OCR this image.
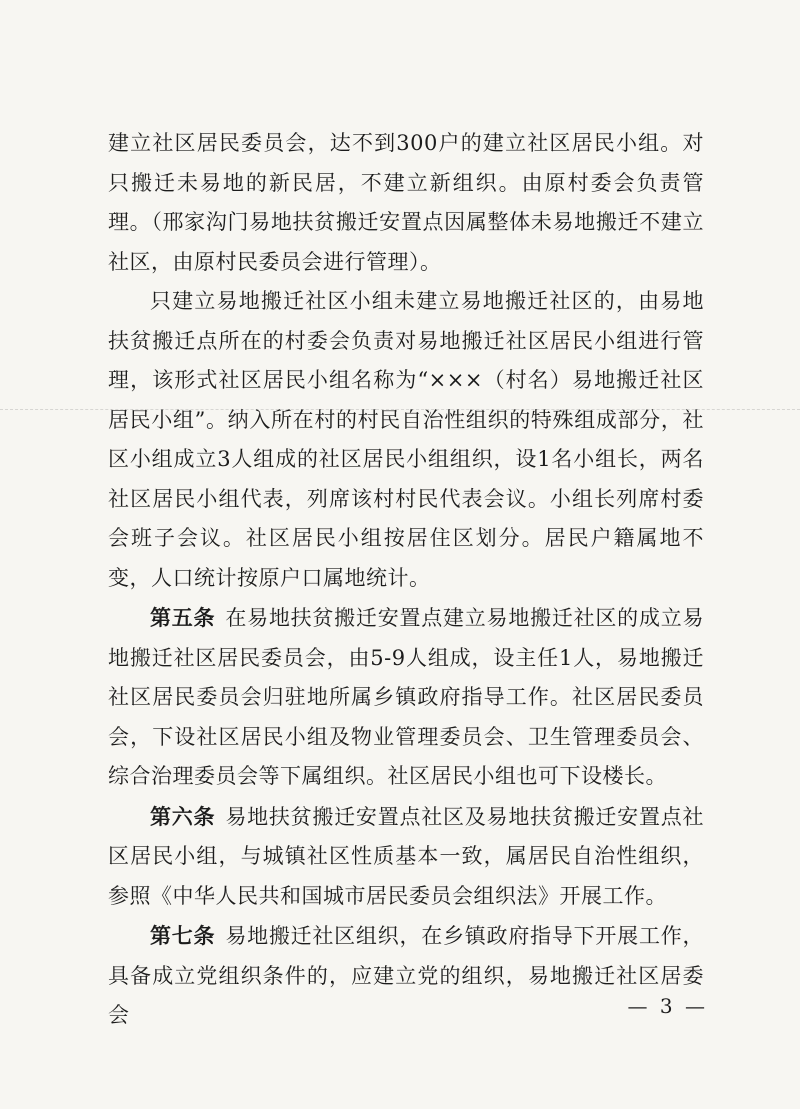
建立社区居民委员会，达不到300户的建立社区居民小组。对只搬迁未易地的新民居，不建立新组织。由原村委会负责管理。（邢家沟门易地扶贫搬迁安置点因属整体未易地搬迁不建立社区，由原村民委员会进行管理）。

只建立易地搬迁社区小组未建立易地搬迁社区的，由易地扶贫搬迁点所在的村委会负责对易地搬迁社区居民小组进行管理，该形式社区居民小组名称为“×××（村名）易地搬迁社区居民小组”。纳入所在村的村民自治性组织的特殊组成部分，社区小组成立3人组成的社区居民小组组织，设1名小组长，两名社区居民小组代表，列席该村村民代表会议。小组长列席村委会班子会议。社区居民小组按居住区划分。居民户籍属地不变，人口统计按原户口属地统计。

第五条 在易地扶贫搬迁安置点建立易地搬迁社区的成立易地搬迁社区居民委员会，由5-9人组成，设主任1人，易地搬迁社区居民委员会归驻地所属乡镇政府指导工作。社区居民委员会，下设社区居民小组及物业管理委员会、卫生管理委员会、综合治理委员会等下属组织。社区居民小组也可下设楼长。

第六条 易地扶贫搬迁安置点社区及易地扶贫搬迁安置点社区居民小组，与城镇社区性质基本一致，属居民自治性组织，参照《中华人民共和国城市居民委员会组织法》开展工作。

第七条 易地搬迁社区组织，在乡镇政府指导下开展工作，具备成立党组织条件的，应建立党的组织，易地搬迁社区居委会	— 3 —
